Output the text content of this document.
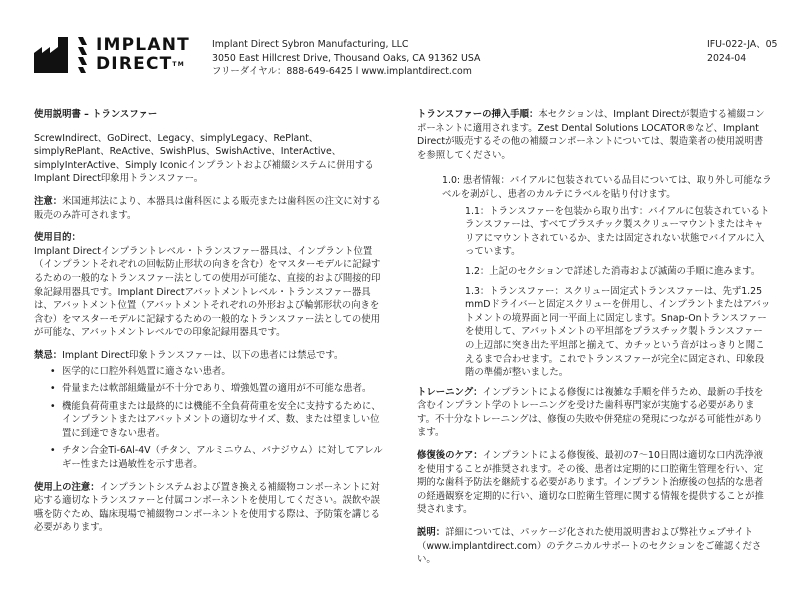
IMPLANT
DIRECT™
Implant Direct Sybron Manufacturing, LLC
3050 East Hillcrest Drive, Thousand Oaks, CA 91362 USA
フリーダイヤル：888-649-6425 l www.implantdirect.com
IFU-022-JA、05
2024-04

使用説明書 – トランスファー

ScrewIndirect、GoDirect、Legacy、simplyLegacy、RePlant、simplyRePlant、ReActive、SwishPlus、SwishActive、InterActive、simplyInterActive、Simply Iconicインプラントおよび補綴システムに併用するImplant Direct印象用トランスファー。

注意：米国連邦法により、本器具は歯科医による販売または歯科医の注文に対する販売のみ許可されます。

使用目的：
Implant Directインプラントレベル・トランスファー器具は、インプラント位置（インプラントそれぞれの回転防止形状の向きを含む）をマスターモデルに記録するための一般的なトランスファー法としての使用が可能な、直接的および間接的印象記録用器具です。Implant Directアバットメントレベル・トランスファー器具は、アバットメント位置（アバットメントそれぞれの外形および輪郭形状の向きを含む）をマスターモデルに記録するための一般的なトランスファー法としての使用が可能な、アバットメントレベルでの印象記録用器具です。

禁忌：Implant Direct印象トランスファーは、以下の患者には禁忌です。

• 医学的に口腔外科処置に適さない患者。
• 骨量または軟部組織量が不十分であり、増強処置の適用が不可能な患者。
• 機能負荷荷重または最終的には機能不全負荷荷重を安全に支持するために、インプラントまたはアバットメントの適切なサイズ、数、または望ましい位置に到達できない患者。
• チタン合金Ti-6Al-4V（チタン、アルミニウム、バナジウム）に対してアレルギー性または過敏性を示す患者。

使用上の注意：インプラントシステムおよび置き換える補綴物コンポーネントに対応する適切なトランスファーと付属コンポーネントを使用してください。誤飲や誤嚥を防ぐため、臨床現場で補綴物コンポーネントを使用する際は、予防策を講じる必要があります。

トランスファーの挿入手順：本セクションは、Implant Directが製造する補綴コンポーネントに適用されます。Zest Dental Solutions LOCATOR®など、Implant Directが販売するその他の補綴コンポーネントについては、製造業者の使用説明書を参照してください。

1.0: 患者情報：バイアルに包装されている品目については、取り外し可能なラベルを剥がし、患者のカルテにラベルを貼り付けます。

1.1：トランスファーを包装から取り出す：バイアルに包装されているトランスファーは、すべてプラスチック製スクリューマウントまたはキャリアにマウントされているか、または固定されない状態でバイアルに入っています。

1.2：上記のセクションで詳述した消毒および滅菌の手順に進みます。

1.3：トランスファー：スクリュー固定式トランスファーは、先ず1.25 mmDドライバーと固定スクリューを併用し、インプラントまたはアバットメントの境界面と同一平面上に固定します。Snap-Onトランスファーを使用して、アバットメントの平坦部をプラスチック製トランスファーの上辺部に突き出た平坦部と揃えて、カチッという音がはっきりと聞こえるまで合わせます。これでトランスファーが完全に固定され、印象段階の準備が整いました。

トレーニング：インプラントによる修復には複雑な手順を伴うため、最新の手技を含むインプラント学のトレーニングを受けた歯科専門家が実施する必要があります。不十分なトレーニングは、修復の失敗や併発症の発現につながる可能性があります。

修復後のケア：インプラントによる修復後、最初の7〜10日間は適切な口内洗浄液を使用することが推奨されます。その後、患者は定期的に口腔衛生管理を行い、定期的な歯科予防法を継続する必要があります。インプラント治療後の包括的な患者の経過観察を定期的に行い、適切な口腔衛生管理に関する情報を提供することが推奨されます。

説明：詳細については、パッケージ化された使用説明書および弊社ウェブサイト（www.implantdirect.com）のテクニカルサポートのセクションをご確認ください。
